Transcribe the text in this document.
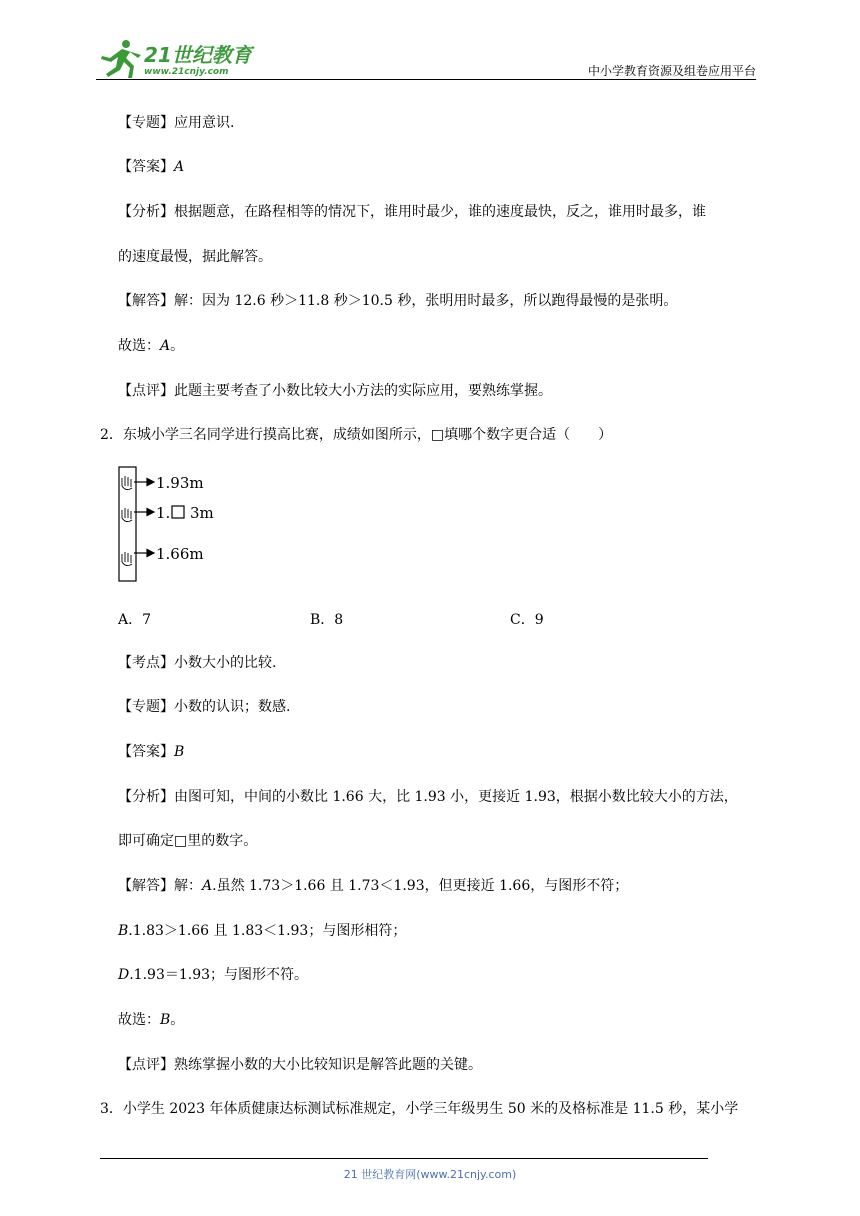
21世纪教育
www.21cnjy.com	中小学教育资源及组卷应用平台
【专题】应用意识.
【答案】A
【分析】根据题意，在路程相等的情况下，谁用时最少，谁的速度最快，反之，谁用时最多，谁
的速度最慢，据此解答。
【解答】解：因为 12.6 秒＞11.8 秒＞10.5 秒，张明用时最多，所以跑得最慢的是张明。
故选：A。
【点评】此题主要考查了小数比较大小方法的实际应用，要熟练掌握。
2．东城小学三名同学进行摸高比赛，成绩如图所示，□填哪个数字更合适（　　）
1.93m
1. 3m
1.66m
A．7	B．8	C．9
【考点】小数大小的比较.
【专题】小数的认识；数感.
【答案】B
【分析】由图可知，中间的小数比 1.66 大，比 1.93 小，更接近 1.93，根据小数比较大小的方法，
即可确定□里的数字。
【解答】解：A.虽然 1.73＞1.66 且 1.73＜1.93，但更接近 1.66，与图形不符；
B.1.83＞1.66 且 1.83＜1.93；与图形相符；
D.1.93＝1.93；与图形不符。
故选：B。
【点评】熟练掌握小数的大小比较知识是解答此题的关键。
3．小学生 2023 年体质健康达标测试标准规定，小学三年级男生 50 米的及格标准是 11.5 秒，某小学
21 世纪教育网(www.21cnjy.com)
